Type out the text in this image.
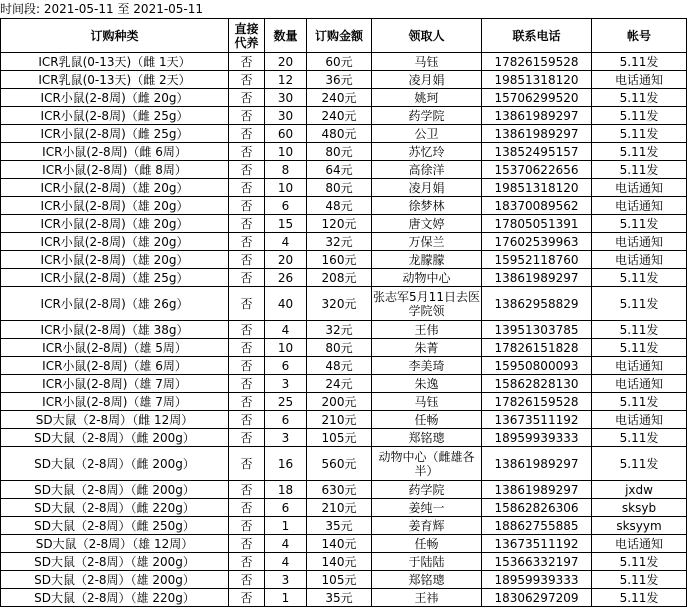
时间段: 2021-05-11 至 2021-05-11
订购种类	直接代养	数量	订购金额	领取人	联系电话	帐号
ICR乳鼠(0-13天)（雌 1天）	否	20	60元	马钰	17826159528	5.11发
ICR乳鼠(0-13天)（雌 2天）	否	12	36元	凌月娟	19851318120	电话通知
ICR小鼠(2-8周)（雌 20g）	否	30	240元	姚珂	15706299520	5.11发
ICR小鼠(2-8周)（雌 25g）	否	30	240元	药学院	13861989297	5.11发
ICR小鼠(2-8周)（雌 25g）	否	60	480元	公卫	13861989297	5.11发
ICR小鼠(2-8周)（雌 6周）	否	10	80元	苏忆玲	13852495157	5.11发
ICR小鼠(2-8周)（雌 8周）	否	8	64元	高徐洋	15370622656	5.11发
ICR小鼠(2-8周)（雄 20g）	否	10	80元	凌月娟	19851318120	电话通知
ICR小鼠(2-8周)（雄 20g）	否	6	48元	徐梦林	18370089562	电话通知
ICR小鼠(2-8周)（雄 20g）	否	15	120元	唐文婷	17805051391	5.11发
ICR小鼠(2-8周)（雄 20g）	否	4	32元	万保兰	17602539963	电话通知
ICR小鼠(2-8周)（雄 20g）	否	20	160元	龙朦朦	15952118760	电话通知
ICR小鼠(2-8周)（雄 25g）	否	26	208元	动物中心	13861989297	5.11发
ICR小鼠(2-8周)（雄 26g）	否	40	320元	张志军5月11日去医学院领	13862958829	5.11发
ICR小鼠(2-8周)（雄 38g）	否	4	32元	王伟	13951303785	5.11发
ICR小鼠(2-8周)（雄 5周）	否	10	80元	朱菁	17826151828	5.11发
ICR小鼠(2-8周)（雄 6周）	否	6	48元	李美琦	15950800093	电话通知
ICR小鼠(2-8周)（雄 7周）	否	3	24元	朱逸	15862828130	电话通知
ICR小鼠(2-8周)（雄 7周）	否	25	200元	马钰	17826159528	5.11发
SD大鼠（2-8周）（雌 12周）	否	6	210元	任畅	13673511192	电话通知
SD大鼠（2-8周）（雌 200g）	否	3	105元	郑铭璁	18959939333	5.11发
SD大鼠（2-8周）（雌 200g）	否	16	560元	动物中心（雌雄各半）	13861989297	5.11发
SD大鼠（2-8周）（雌 200g）	否	18	630元	药学院	13861989297	jxdw
SD大鼠（2-8周）（雌 220g）	否	6	210元	姜纯一	15862826306	sksyb
SD大鼠（2-8周）（雌 250g）	否	1	35元	姜育辉	18862755885	sksyym
SD大鼠（2-8周）（雄 12周）	否	4	140元	任畅	13673511192	电话通知
SD大鼠（2-8周）（雄 200g）	否	4	140元	于陆陆	15366332197	5.11发
SD大鼠（2-8周）（雄 200g）	否	3	105元	郑铭璁	18959939333	5.11发
SD大鼠（2-8周）（雄 220g）	否	1	35元	王祎	18306297209	5.11发
